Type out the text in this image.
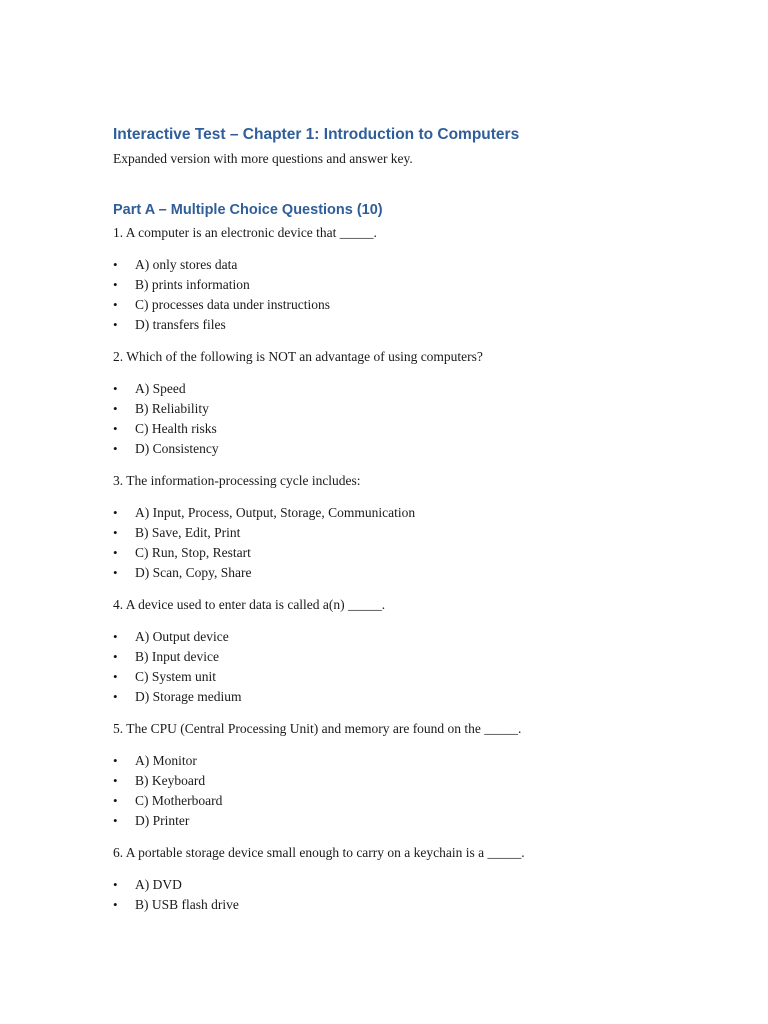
Interactive Test – Chapter 1: Introduction to Computers

Expanded version with more questions and answer key.

Part A – Multiple Choice Questions (10)

1. A computer is an electronic device that _____.

• A) only stores data
• B) prints information
• C) processes data under instructions
• D) transfers files

2. Which of the following is NOT an advantage of using computers?

• A) Speed
• B) Reliability
• C) Health risks
• D) Consistency

3. The information-processing cycle includes:

• A) Input, Process, Output, Storage, Communication
• B) Save, Edit, Print
• C) Run, Stop, Restart
• D) Scan, Copy, Share

4. A device used to enter data is called a(n) _____.

• A) Output device
• B) Input device
• C) System unit
• D) Storage medium

5. The CPU (Central Processing Unit) and memory are found on the _____.

• A) Monitor
• B) Keyboard
• C) Motherboard
• D) Printer

6. A portable storage device small enough to carry on a keychain is a _____.

• A) DVD
• B) USB flash drive
